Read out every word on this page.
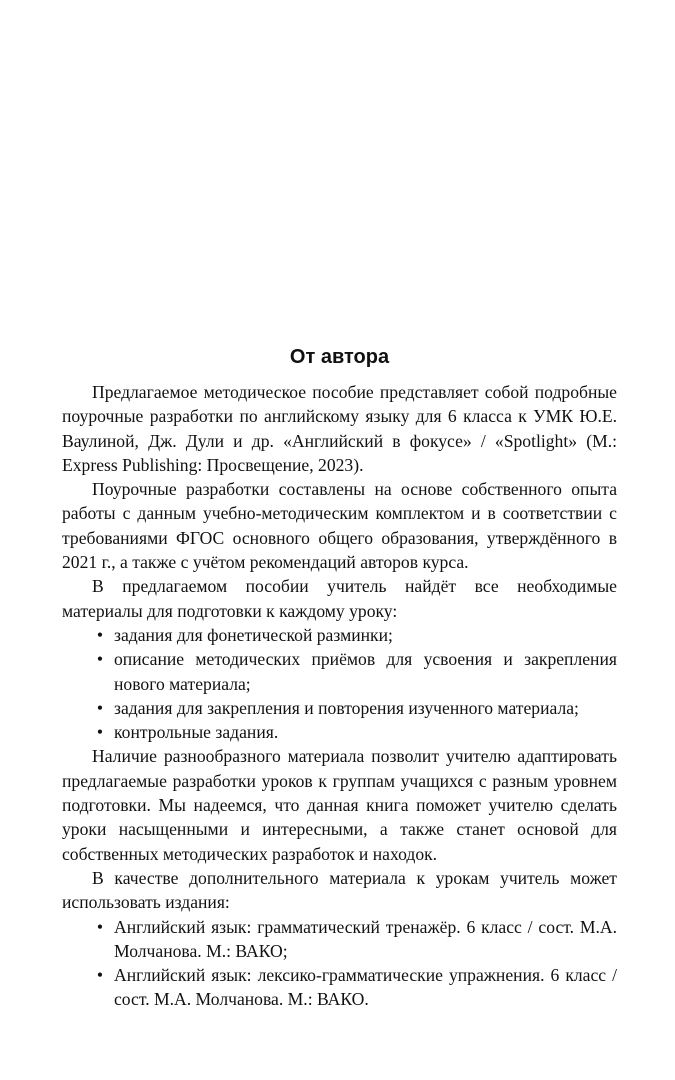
От автора

Предлагаемое методическое пособие представляет собой подробные поурочные разработки по английскому языку для 6 класса к УМК Ю.Е. Ваулиной, Дж. Дули и др. «Английский в фокусе» / «Spotlight» (М.: Express Publishing: Просвещение, 2023).

Поурочные разработки составлены на основе собственного опыта работы с данным учебно-методическим комплектом и в соответствии с требованиями ФГОС основного общего образования, утверждённого в 2021 г., а также с учётом рекомендаций авторов курса.

В предлагаемом пособии учитель найдёт все необходимые материалы для подготовки к каждому уроку:

• задания для фонетической разминки;
• описание методических приёмов для усвоения и закрепления нового материала;
• задания для закрепления и повторения изученного материала;
• контрольные задания.

Наличие разнообразного материала позволит учителю адаптировать предлагаемые разработки уроков к группам учащихся с разным уровнем подготовки. Мы надеемся, что данная книга поможет учителю сделать уроки насыщенными и интересными, а также станет основой для собственных методических разработок и находок.

В качестве дополнительного материала к урокам учитель может использовать издания:

• Английский язык: грамматический тренажёр. 6 класс / сост. М.А. Молчанова. М.: ВАКО;
• Английский язык: лексико-грамматические упражнения. 6 класс / сост. М.А. Молчанова. М.: ВАКО.
